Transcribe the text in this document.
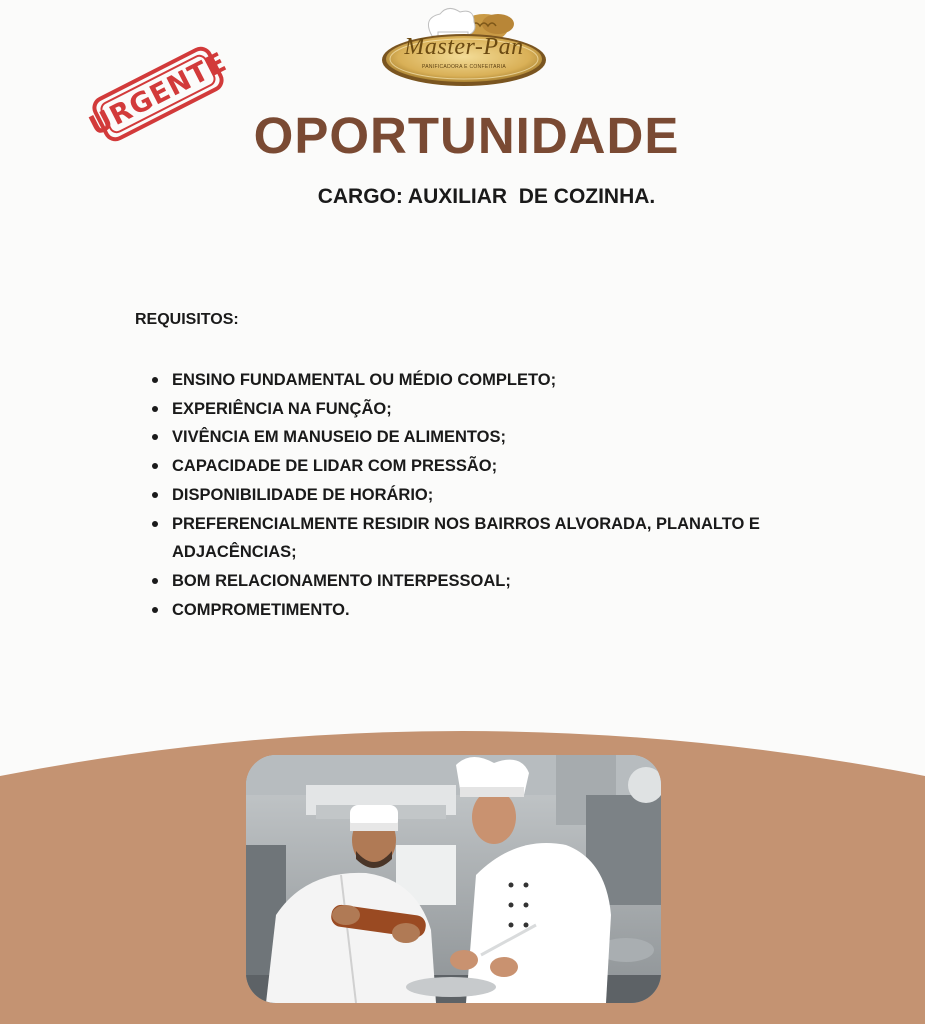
Master-Pan
PANIFICADORA E CONFEITARIA
URGENTE OPORTUNIDADE
CARGO: AUXILIAR  DE COZINHA.
REQUISITOS:
ENSINO FUNDAMENTAL OU MÉDIO COMPLETO;
EXPERIÊNCIA NA FUNÇÃO;
VIVÊNCIA EM MANUSEIO DE ALIMENTOS;
CAPACIDADE DE LIDAR COM PRESSÃO;
DISPONIBILIDADE DE HORÁRIO;
PREFERENCIALMENTE RESIDIR NOS BAIRROS ALVORADA, PLANALTO E ADJACÊNCIAS;
BOM RELACIONAMENTO INTERPESSOAL;
COMPROMETIMENTO.
